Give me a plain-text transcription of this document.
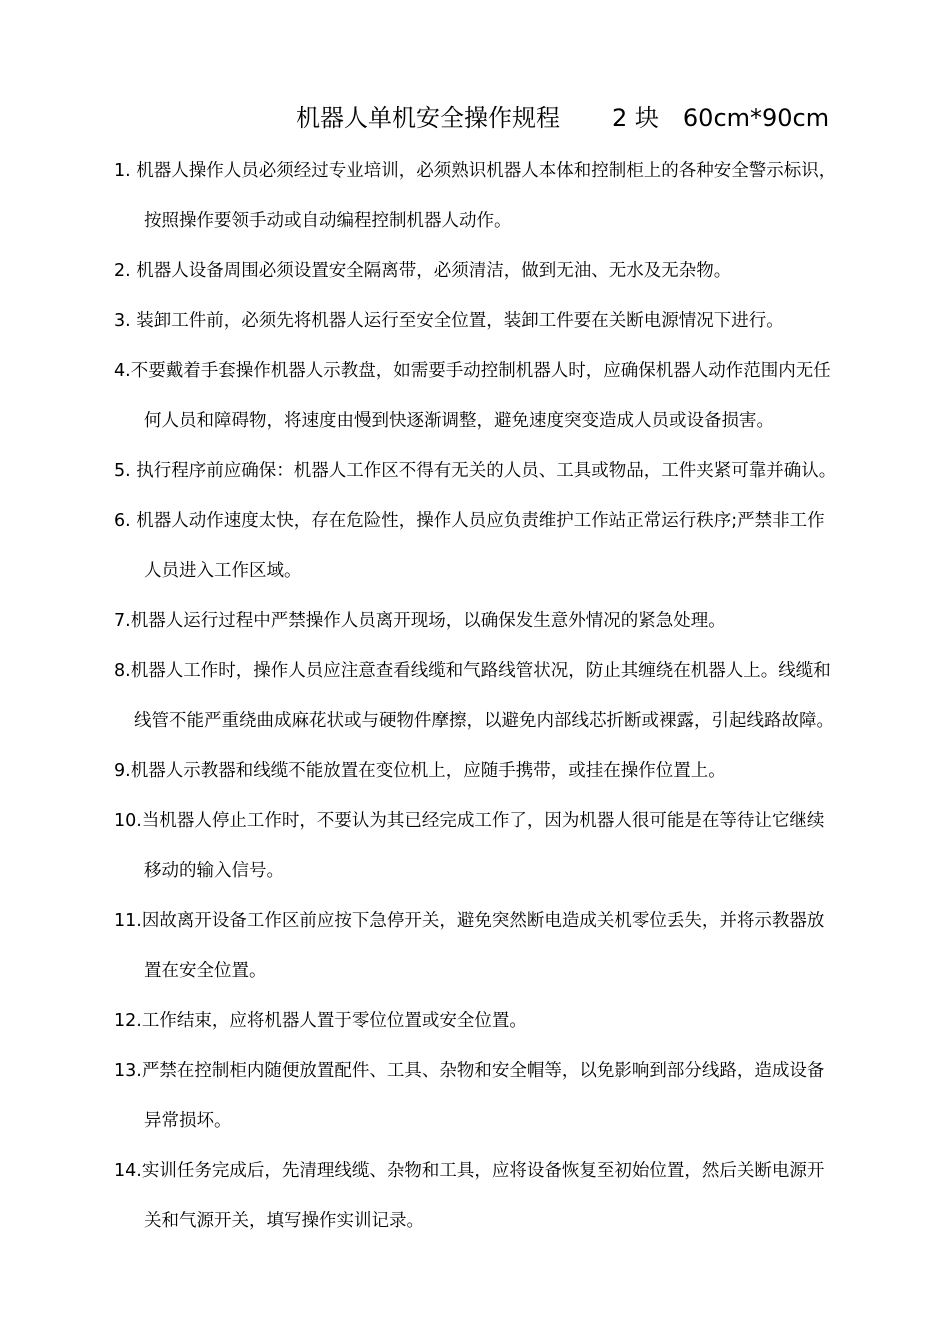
机器人单机安全操作规程 2 块 60cm*90cm
1. 机器人操作人员必须经过专业培训，必须熟识机器人本体和控制柜上的各种安全警示标识，
按照操作要领手动或自动编程控制机器人动作。
2. 机器人设备周围必须设置安全隔离带，必须清洁，做到无油、无水及无杂物。
3. 装卸工件前，必须先将机器人运行至安全位置，装卸工件要在关断电源情况下进行。
4.不要戴着手套操作机器人示教盘，如需要手动控制机器人时，应确保机器人动作范围内无任
何人员和障碍物，将速度由慢到快逐渐调整，避免速度突变造成人员或设备损害。
5. 执行程序前应确保：机器人工作区不得有无关的人员、工具或物品，工件夹紧可靠并确认。
6. 机器人动作速度太快，存在危险性，操作人员应负责维护工作站正常运行秩序;严禁非工作
人员进入工作区域。
7.机器人运行过程中严禁操作人员离开现场，以确保发生意外情况的紧急处理。
8.机器人工作时，操作人员应注意查看线缆和气路线管状况，防止其缠绕在机器人上。线缆和
线管不能严重绕曲成麻花状或与硬物件摩擦，以避免内部线芯折断或裸露，引起线路故障。
9.机器人示教器和线缆不能放置在变位机上，应随手携带，或挂在操作位置上。
10.当机器人停止工作时，不要认为其已经完成工作了，因为机器人很可能是在等待让它继续
移动的输入信号。
11.因故离开设备工作区前应按下急停开关，避免突然断电造成关机零位丢失，并将示教器放
置在安全位置。
12.工作结束，应将机器人置于零位位置或安全位置。
13.严禁在控制柜内随便放置配件、工具、杂物和安全帽等，以免影响到部分线路，造成设备
异常损坏。
14.实训任务完成后，先清理线缆、杂物和工具，应将设备恢复至初始位置，然后关断电源开
关和气源开关，填写操作实训记录。
